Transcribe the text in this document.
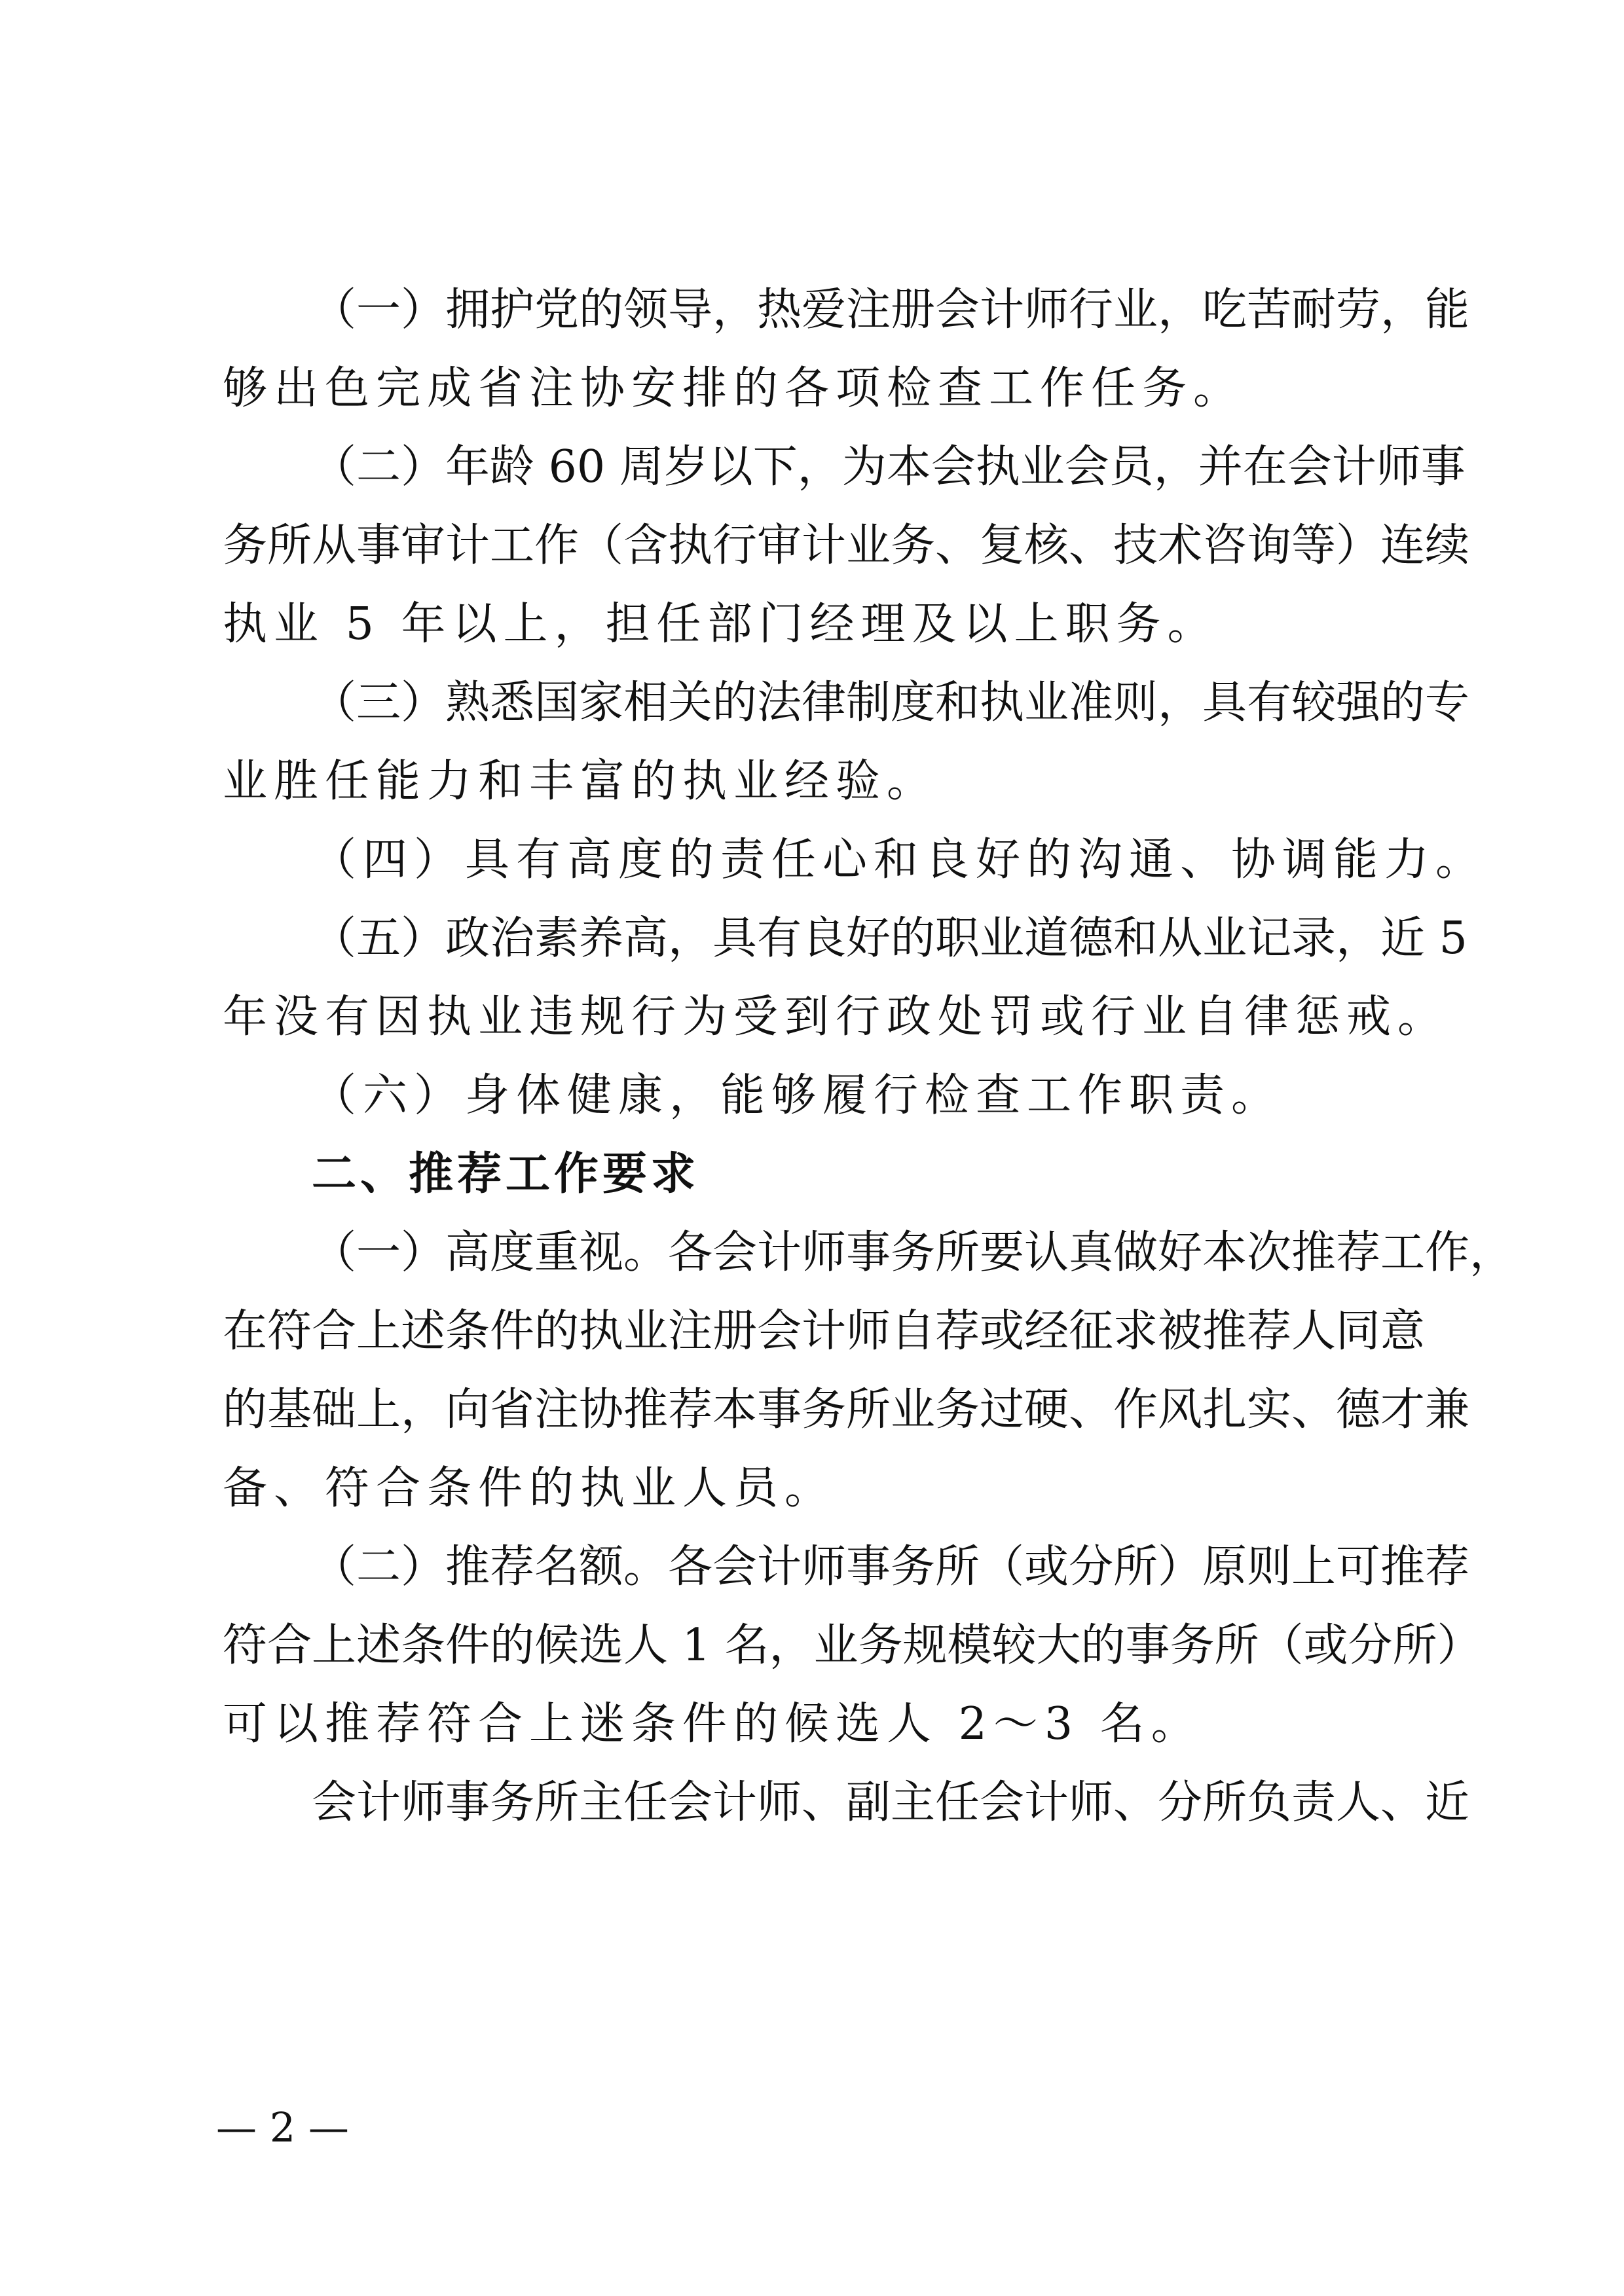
（一）拥护党的领导，热爱注册会计师行业，吃苦耐劳，能
够出色完成省注协安排的各项检查工作任务。
（二）年龄 60 周岁以下，为本会执业会员，并在会计师事
务所从事审计工作（含执行审计业务、复核、技术咨询等）连续
执业 5 年以上，担任部门经理及以上职务。
（三）熟悉国家相关的法律制度和执业准则，具有较强的专
业胜任能力和丰富的执业经验。
（四）具有高度的责任心和良好的沟通、协调能力。
（五）政治素养高，具有良好的职业道德和从业记录，近 5
年没有因执业违规行为受到行政处罚或行业自律惩戒。
（六）身体健康，能够履行检查工作职责。
二、推荐工作要求
（一）高度重视。各会计师事务所要认真做好本次推荐工作，
在符合上述条件的执业注册会计师自荐或经征求被推荐人同意
的基础上，向省注协推荐本事务所业务过硬、作风扎实、德才兼
备、符合条件的执业人员。
（二）推荐名额。各会计师事务所（或分所）原则上可推荐
符合上述条件的候选人 1 名，业务规模较大的事务所（或分所）
可以推荐符合上迷条件的候选人 2～3 名。
会计师事务所主任会计师、副主任会计师、分所负责人、近
— 2 —
